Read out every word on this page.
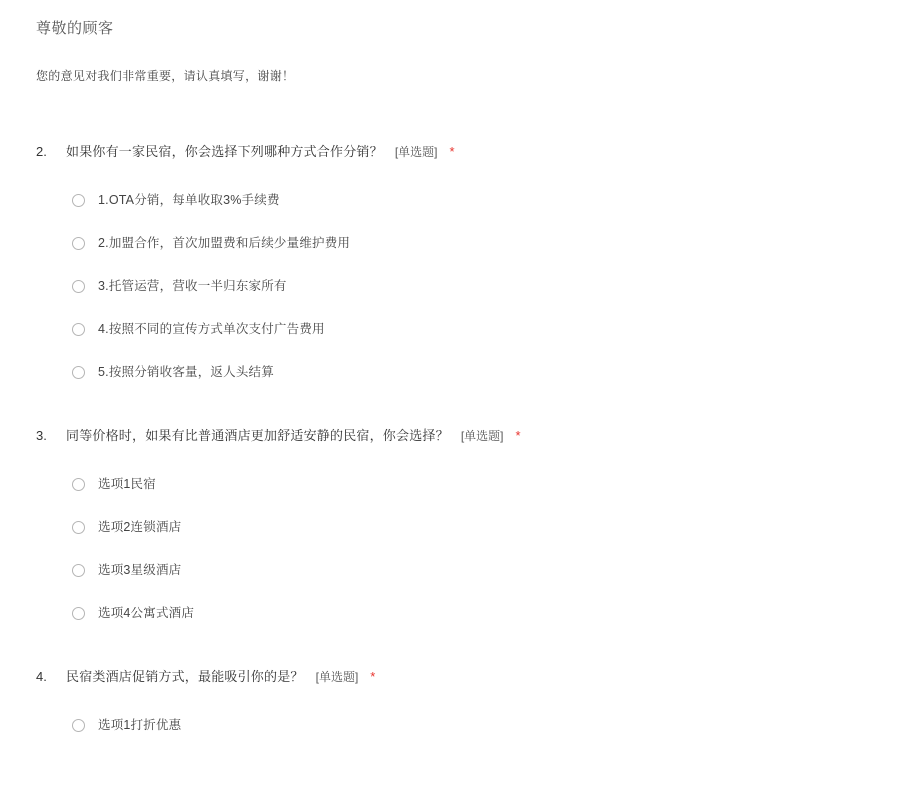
尊敬的顾客

您的意见对我们非常重要，请认真填写，谢谢！

2.	如果你有一家民宿，你会选择下列哪种方式合作分销？ [单选题] *
1.OTA分销，每单收取3%手续费
2.加盟合作，首次加盟费和后续少量维护费用
3.托管运营，营收一半归东家所有
4.按照不同的宣传方式单次支付广告费用
5.按照分销收客量，返人头结算
3.	同等价格时，如果有比普通酒店更加舒适安静的民宿，你会选择？ [单选题] *
选项1民宿
选项2连锁酒店
选项3星级酒店
选项4公寓式酒店
4.	民宿类酒店促销方式，最能吸引你的是？ [单选题] *
选项1打折优惠
